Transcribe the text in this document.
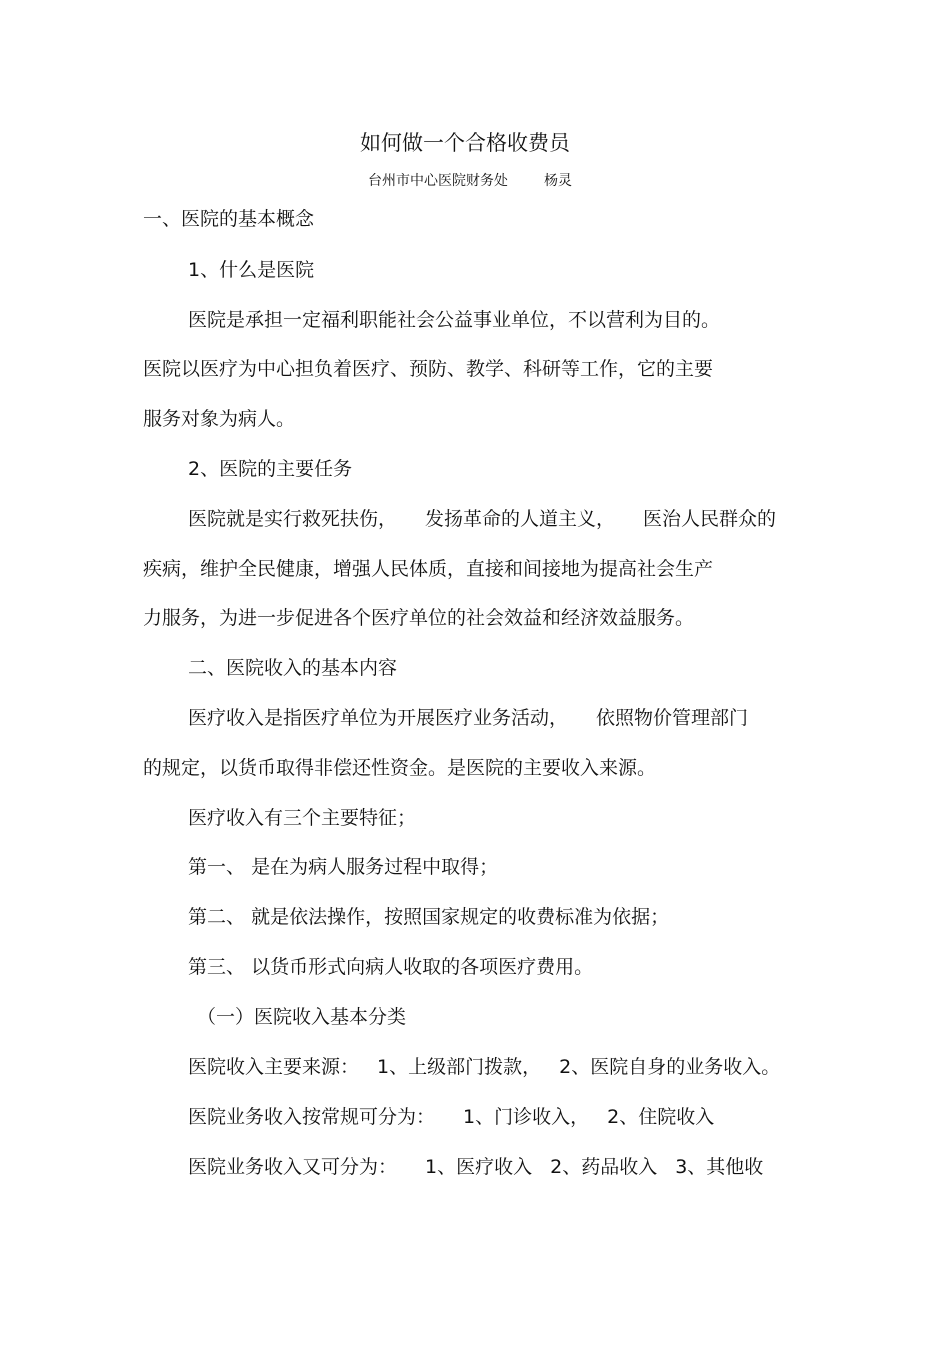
如何做一个合格收费员
台州市中心医院财务处	杨灵
一、医院的基本概念
1、什么是医院
医院是承担一定福利职能社会公益事业单位，不以营利为目的。
医院以医疗为中心担负着医疗、预防、教学、科研等工作，它的主要
服务对象为病人。
2、医院的主要任务
医院就是实行救死扶伤， 发扬革命的人道主义， 医治人民群众的
疾病，维护全民健康，增强人民体质，直接和间接地为提高社会生产
力服务，为进一步促进各个医疗单位的社会效益和经济效益服务。
二、医院收入的基本内容
医疗收入是指医疗单位为开展医疗业务活动， 依照物价管理部门
的规定，以货币取得非偿还性资金。是医院的主要收入来源。
医疗收入有三个主要特征；
第一、 是在为病人服务过程中取得；
第二、 就是依法操作，按照国家规定的收费标准为依据；
第三、 以货币形式向病人收取的各项医疗费用。
（一）医院收入基本分类
医院收入主要来源： 1、上级部门拨款， 2、医院自身的业务收入。
医院业务收入按常规可分为： 1、门诊收入， 2、住院收入
医院业务收入又可分为： 1、医疗收入 2、药品收入 3、其他收
